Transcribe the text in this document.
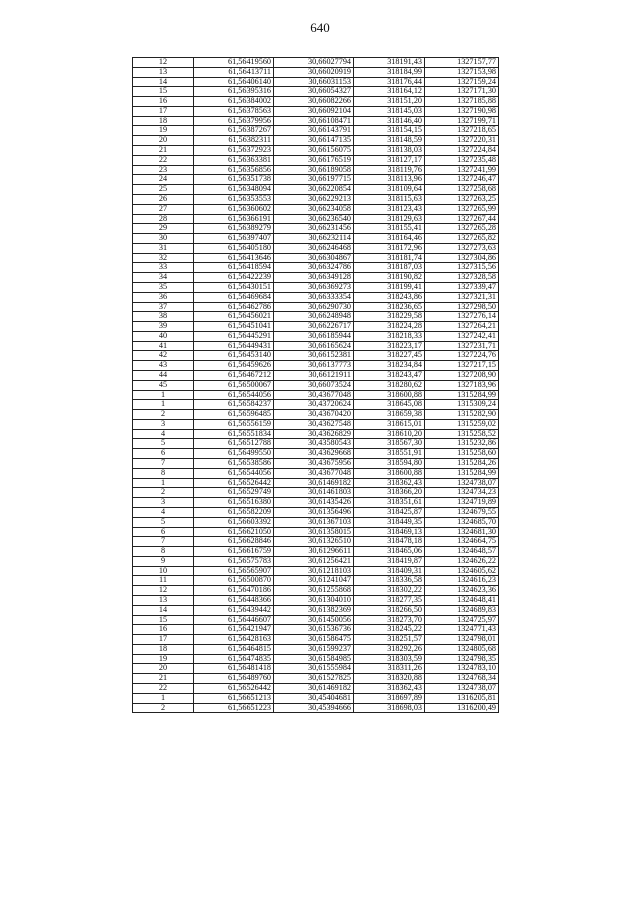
640
12	61,56419560	30,66027794	318191,43	1327157,77
13	61,56413711	30,66020919	318184,99	1327153,98
14	61,56406140	30,66031153	318176,44	1327159,24
15	61,56395316	30,66054327	318164,12	1327171,30
16	61,56384002	30,66082266	318151,20	1327185,88
17	61,56378563	30,66092104	318145,03	1327190,98
18	61,56379956	30,66108471	318146,40	1327199,71
19	61,56387267	30,66143791	318154,15	1327218,65
20	61,56382311	30,66147135	318148,59	1327220,31
21	61,56372923	30,66156075	318138,03	1327224,84
22	61,56363381	30,66176519	318127,17	1327235,48
23	61,56356856	30,66189058	318119,76	1327241,99
24	61,56351738	30,66197715	318113,96	1327246,47
25	61,56348094	30,66220854	318109,64	1327258,68
26	61,56353553	30,66229213	318115,63	1327263,25
27	61,56360602	30,66234058	318123,43	1327265,99
28	61,56366191	30,66236540	318129,63	1327267,44
29	61,56389279	30,66231456	318155,41	1327265,28
30	61,56397407	30,66232114	318164,46	1327265,82
31	61,56405180	30,66246468	318172,96	1327273,63
32	61,56413646	30,66304867	318181,74	1327304,86
33	61,56418594	30,66324786	318187,03	1327315,56
34	61,56422239	30,66349128	318190,82	1327328,58
35	61,56430151	30,66369273	318199,41	1327339,47
36	61,56469684	30,66333354	318243,86	1327321,31
37	61,56462786	30,66290730	318236,65	1327298,50
38	61,56456021	30,66248948	318229,58	1327276,14
39	61,56451041	30,66226717	318224,28	1327264,21
40	61,56445291	30,66185944	318218,33	1327242,41
41	61,56449431	30,66165624	318223,17	1327231,71
42	61,56453140	30,66152381	318227,45	1327224,76
43	61,56459626	30,66137773	318234,84	1327217,15
44	61,56467212	30,66121911	318243,47	1327208,90
45	61,56500067	30,66073524	318280,62	1327183,96
1	61,56544056	30,43677048	318600,88	1315284,99
1	61,56584237	30,43720624	318645,08	1315309,24
2	61,56596485	30,43670420	318659,38	1315282,90
3	61,56556159	30,43627548	318615,01	1315259,02
4	61,56551834	30,43626829	318610,20	1315258,52
5	61,56512788	30,43580543	318567,30	1315232,86
6	61,56499550	30,43629668	318551,91	1315258,60
7	61,56538586	30,43675956	318594,80	1315284,26
8	61,56544056	30,43677048	318600,88	1315284,99
1	61,56526442	30,61469182	318362,43	1324738,07
2	61,56529749	30,61461803	318366,20	1324734,23
3	61,56516380	30,61435426	318351,61	1324719,89
4	61,56582209	30,61356496	318425,87	1324679,55
5	61,56603392	30,61367103	318449,35	1324685,70
6	61,56621050	30,61358015	318469,13	1324681,30
7	61,56628846	30,61326510	318478,18	1324664,75
8	61,56616759	30,61296611	318465,06	1324648,57
9	61,56575783	30,61256421	318419,87	1324626,22
10	61,56565907	30,61218103	318409,31	1324605,62
11	61,56500870	30,61241047	318336,58	1324616,23
12	61,56470186	30,61255868	318302,22	1324623,36
13	61,56448366	30,61304010	318277,35	1324648,41
14	61,56439442	30,61382369	318266,50	1324689,83
15	61,56446607	30,61450056	318273,70	1324725,97
16	61,56421947	30,61536736	318245,22	1324771,43
17	61,56428163	30,61586475	318251,57	1324798,01
18	61,56464815	30,61599237	318292,26	1324805,68
19	61,56474835	30,61584985	318303,59	1324798,35
20	61,56481418	30,61555984	318311,26	1324783,10
21	61,56489760	30,61527825	318320,88	1324768,34
22	61,56526442	30,61469182	318362,43	1324738,07
1	61,56651213	30,45404681	318697,89	1316205,81
2	61,56651223	30,45394666	318698,03	1316200,49
